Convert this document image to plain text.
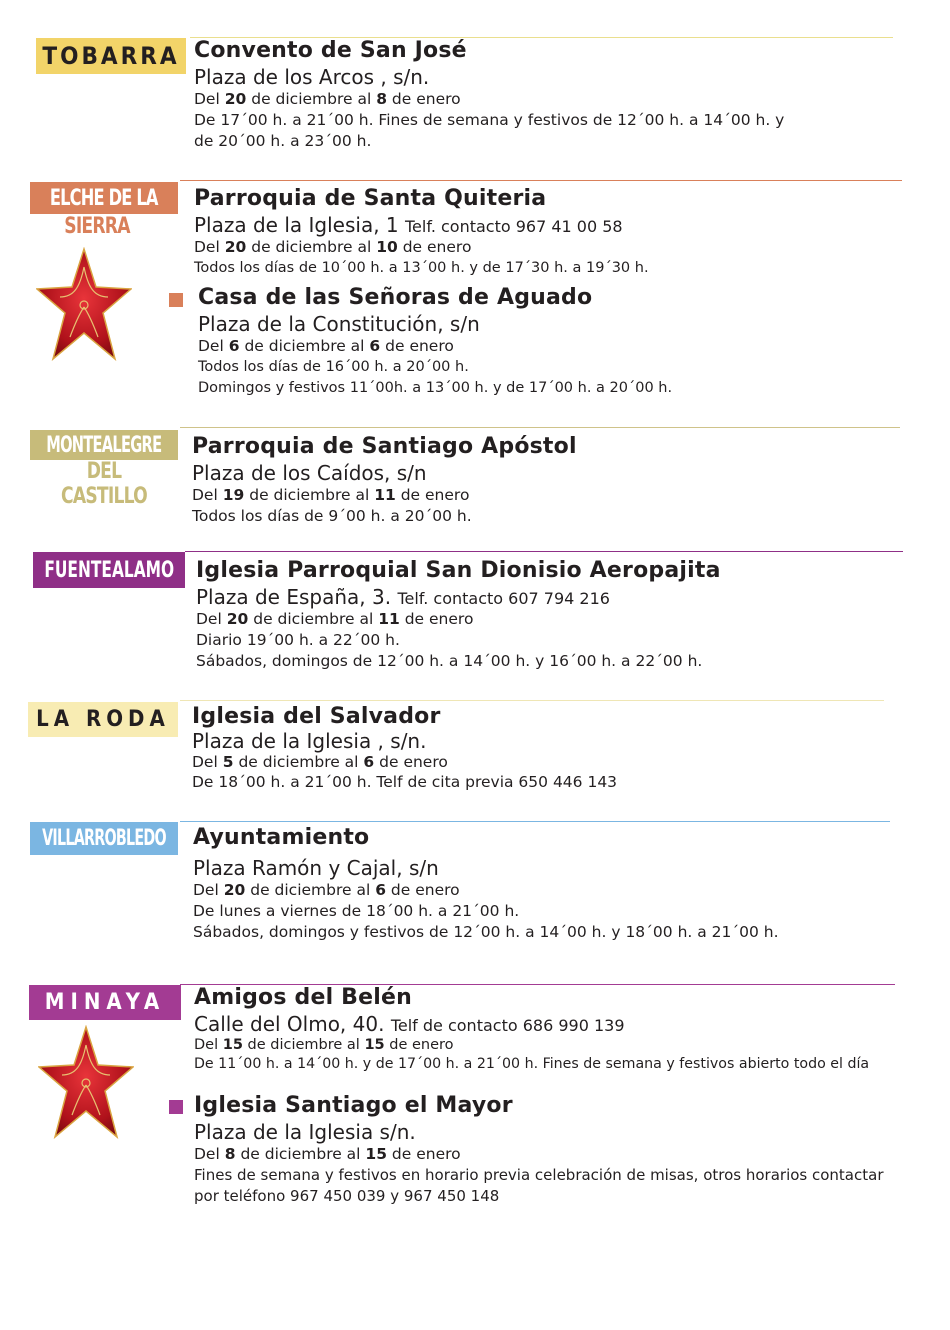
TOBARRA Convento de San José
Plaza de los Arcos , s/n.
Del 20 de diciembre al 8 de enero
De 17´00 h. a 21´00 h. Fines de semana y festivos de 12´00 h. a 14´00 h. y
de 20´00 h. a 23´00 h.
ELCHE DE LA
SIERRA
Parroquia de Santa Quiteria
Plaza de la Iglesia, 1 Telf. contacto 967 41 00 58
Del 20 de diciembre al 10 de enero
Todos los días de 10´00 h. a 13´00 h. y de 17´30 h. a 19´30 h.
Casa de las Señoras de Aguado
Plaza de la Constitución, s/n
Del 6 de diciembre al 6 de enero
Todos los días de 16´00 h. a 20´00 h.
Domingos y festivos 11´00h. a 13´00 h. y de 17´00 h. a 20´00 h.
MONTEALEGRE
DEL CASTILLO
Parroquia de Santiago Apóstol
Plaza de los Caídos, s/n
Del 19 de diciembre al 11 de enero
Todos los días de 9´00 h. a 20´00 h.
FUENTEALAMO Iglesia Parroquial San Dionisio Aeropajita
Plaza de España, 3. Telf. contacto 607 794 216
Del 20 de diciembre al 11 de enero
Diario 19´00 h. a 22´00 h.
Sábados, domingos de 12´00 h. a 14´00 h. y 16´00 h. a 22´00 h.
LA RODA	Iglesia del Salvador
Plaza de la Iglesia , s/n.
Del 5 de diciembre al 6 de enero
De 18´00 h. a 21´00 h. Telf de cita previa 650 446 143
VILLARROBLEDO Ayuntamiento
Plaza Ramón y Cajal, s/n
Del 20 de diciembre al 6 de enero
De lunes a viernes de 18´00 h. a 21´00 h.
Sábados, domingos y festivos de 12´00 h. a 14´00 h. y 18´00 h. a 21´00 h.
MINAYA	Amigos del Belén
Calle del Olmo, 40. Telf de contacto 686 990 139
Del 15 de diciembre al 15 de enero
De 11´00 h. a 14´00 h. y de 17´00 h. a 21´00 h. Fines de semana y festivos abierto todo el día
Iglesia Santiago el Mayor
Plaza de la Iglesia s/n.
Del 8 de diciembre al 15 de enero
Fines de semana y festivos en horario previa celebración de misas, otros horarios contactar
por teléfono 967 450 039 y 967 450 148
